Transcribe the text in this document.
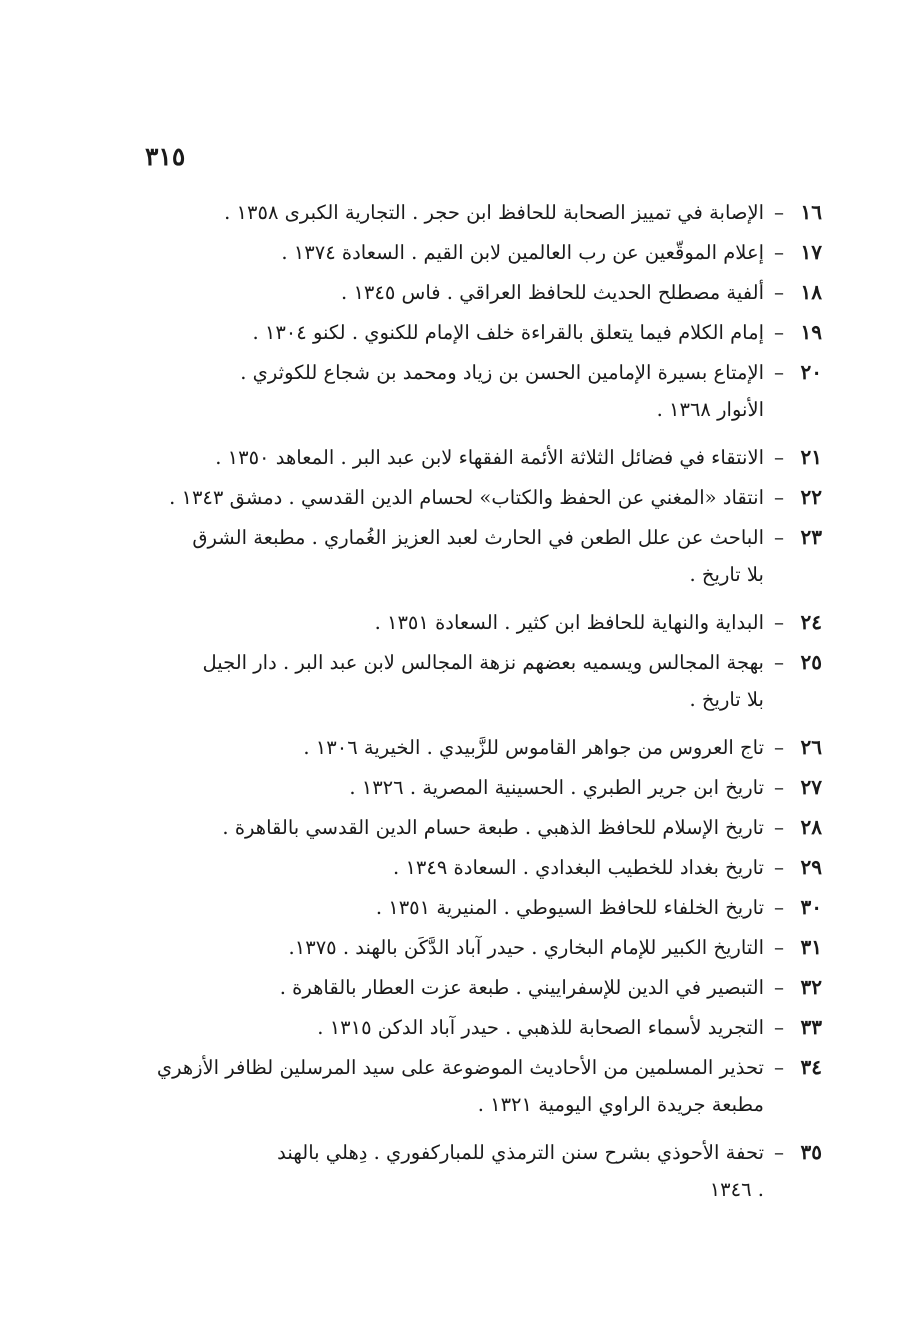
٣١٥
١٦
–
الإصابة في تمييز الصحابة للحافظ ابن حجر . التجارية الكبرى ١٣٥٨ .
١٧
–
إعلام الموقّعين عن رب العالمين لابن القيم . السعادة ١٣٧٤ .
١٨
–
ألفية مصطلح الحديث للحافظ العراقي . فاس ١٣٤٥ .
١٩
–
إمام الكلام فيما يتعلق بالقراءة خلف الإمام للكنوي . لكنو ١٣٠٤ .
٢٠
–
الإمتاع بسيرة الإمامين الحسن بن زياد ومحمد بن شجاع للكوثري .
الأنوار ١٣٦٨ .
٢١
–
الانتقاء في فضائل الثلاثة الأئمة الفقهاء لابن عبد البر . المعاهد ١٣٥٠ .
٢٢
–
انتقاد «المغني عن الحفظ والكتاب» لحسام الدين القدسي . دمشق ١٣٤٣ .
٢٣
–
الباحث عن علل الطعن في الحارث لعبد العزيز الغُماري . مطبعة الشرق
بلا تاريخ .
٢٤
–
البداية والنهاية للحافظ ابن كثير . السعادة ١٣٥١ .
٢٥
–
بهجة المجالس ويسميه بعضهم نزهة المجالس لابن عبد البر . دار الجيل
بلا تاريخ .
٢٦
–
تاج العروس من جواهر القاموس للزَّبيدي . الخيرية ١٣٠٦ .
٢٧
–
تاريخ ابن جرير الطبري . الحسينية المصرية . ١٣٢٦ .
٢٨
–
تاريخ الإسلام للحافظ الذهبي . طبعة حسام الدين القدسي بالقاهرة .
٢٩
–
تاريخ بغداد للخطيب البغدادي . السعادة ١٣٤٩ .
٣٠
–
تاريخ الخلفاء للحافظ السيوطي . المنيرية ١٣٥١ .
٣١
–
التاريخ الكبير للإمام البخاري . حيدر آباد الدَّكَن بالهند . ١٣٧٥.
٣٢
–
التبصير في الدين للإسفراييني . طبعة عزت العطار بالقاهرة .
٣٣
–
التجريد لأسماء الصحابة للذهبي . حيدر آباد الدكن ١٣١٥ .
٣٤
–
تحذير المسلمين من الأحاديث الموضوعة على سيد المرسلين لظافر الأزهري
مطبعة جريدة الراوي اليومية ١٣٢١ .
٣٥
–
تحفة الأحوذي بشرح سنن الترمذي للمباركفوري . دِهلي بالهند
. ١٣٤٦
